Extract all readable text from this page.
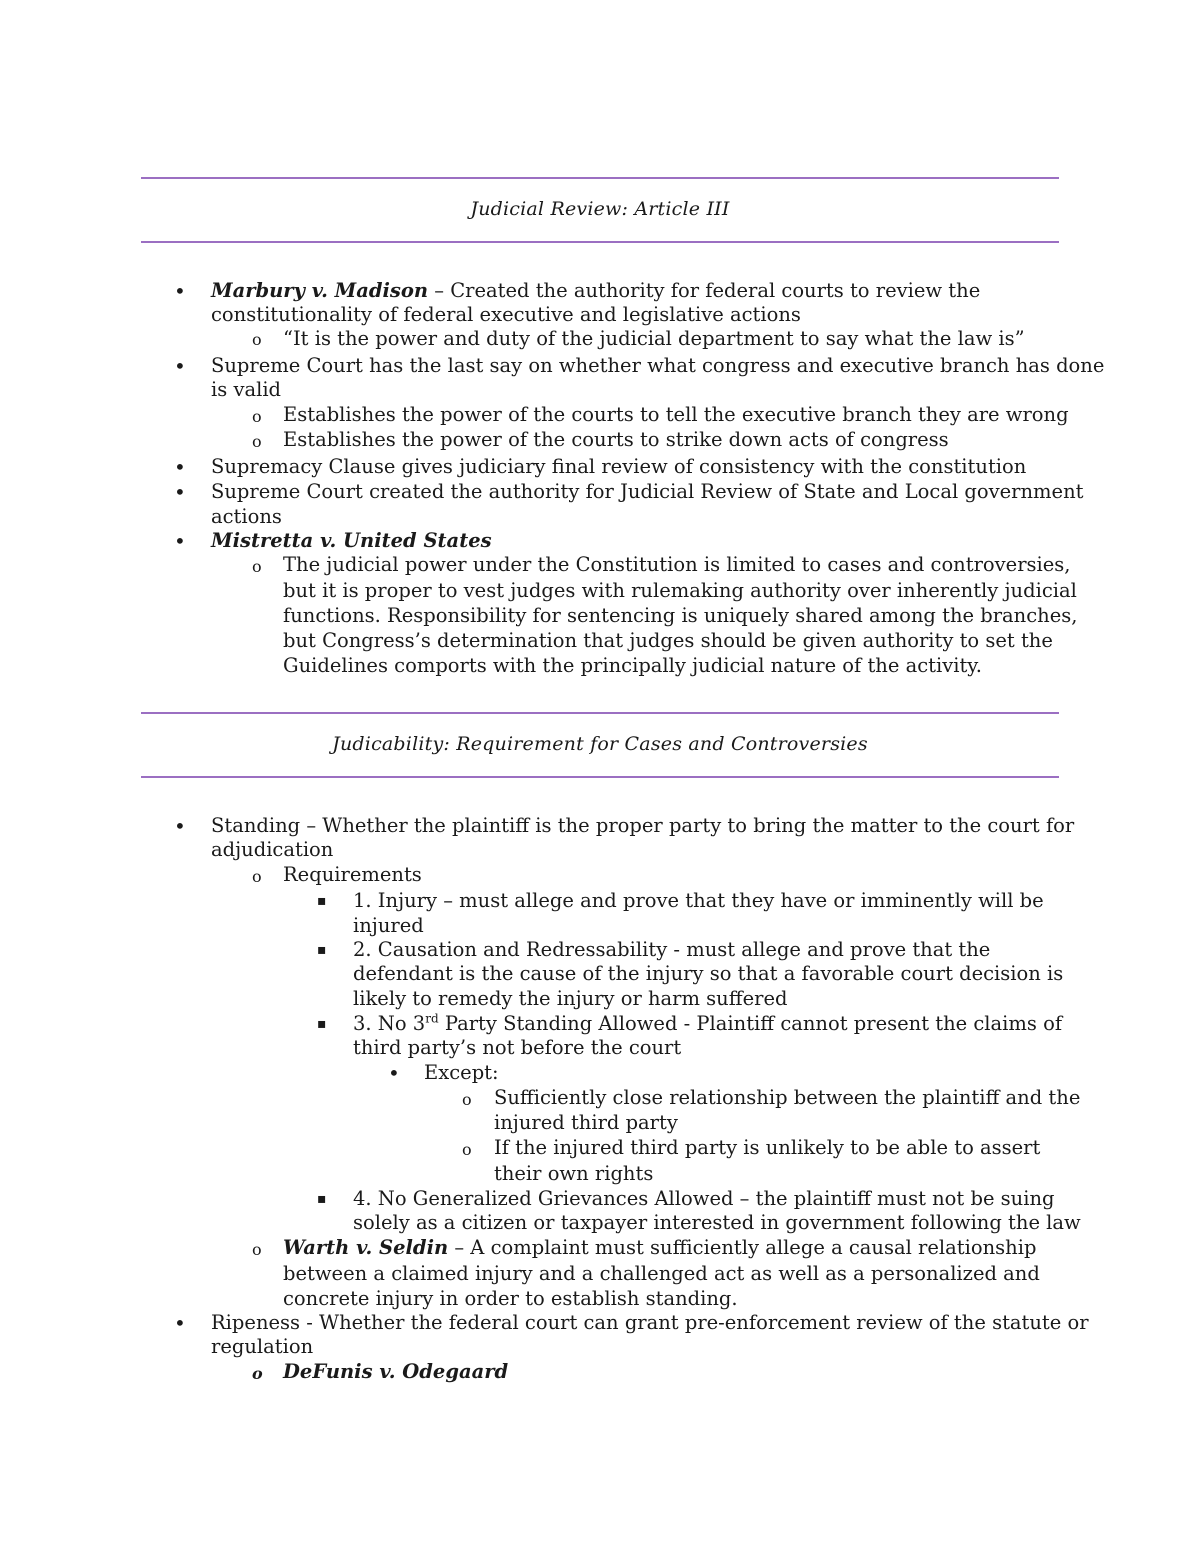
Judicial Review: Article III
• Marbury v. Madison – Created the authority for federal courts to review the
constitutionality of federal executive and legislative actions
o “It is the power and duty of the judicial department to say what the law is”
• Supreme Court has the last say on whether what congress and executive branch has done
is valid
o Establishes the power of the courts to tell the executive branch they are wrong
o Establishes the power of the courts to strike down acts of congress
• Supremacy Clause gives judiciary final review of consistency with the constitution
• Supreme Court created the authority for Judicial Review of State and Local government
actions
• Mistretta v. United States
o The judicial power under the Constitution is limited to cases and controversies,
but it is proper to vest judges with rulemaking authority over inherently judicial
functions. Responsibility for sentencing is uniquely shared among the branches,
but Congress’s determination that judges should be given authority to set the
Guidelines comports with the principally judicial nature of the activity.
Judicability: Requirement for Cases and Controversies
• Standing – Whether the plaintiff is the proper party to bring the matter to the court for
adjudication
o Requirements
▪ 1. Injury – must allege and prove that they have or imminently will be
injured
▪ 2. Causation and Redressability - must allege and prove that the
defendant is the cause of the injury so that a favorable court decision is
likely to remedy the injury or harm suffered
▪ 3. No 3rd Party Standing Allowed - Plaintiff cannot present the claims of
third party’s not before the court
• Except:
o Sufficiently close relationship between the plaintiff and the
injured third party
o If the injured third party is unlikely to be able to assert
their own rights
▪ 4. No Generalized Grievances Allowed – the plaintiff must not be suing
solely as a citizen or taxpayer interested in government following the law
o Warth v. Seldin – A complaint must sufficiently allege a causal relationship
between a claimed injury and a challenged act as well as a personalized and
concrete injury in order to establish standing.
• Ripeness - Whether the federal court can grant pre-enforcement review of the statute or
regulation
o DeFunis v. Odegaard
